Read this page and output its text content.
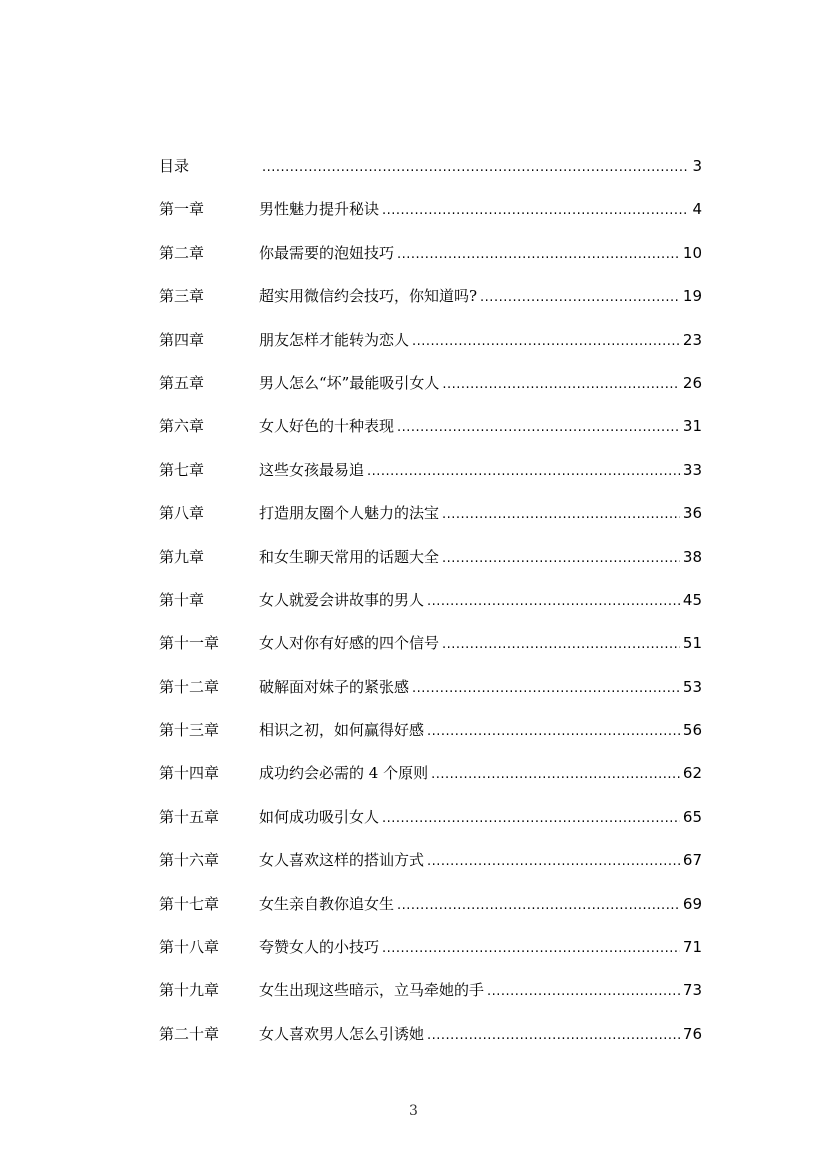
目录 .....	3
第一章	男性魅力提升秘诀 .....	4
第二章	你最需要的泡妞技巧 .....	10
第三章	超实用微信约会技巧，你知道吗? .....	19
第四章	朋友怎样才能转为恋人 .....	23
第五章	男人怎么“坏”最能吸引女人 .....	26
第六章	女人好色的十种表现 .....	31
第七章	这些女孩最易追 .....	33
第八章	打造朋友圈个人魅力的法宝 .....	36
第九章	和女生聊天常用的话题大全 .....	38
第十章	女人就爱会讲故事的男人 .....	45
第十一章	女人对你有好感的四个信号 .....	51
第十二章	破解面对妹子的紧张感 .....	53
第十三章	相识之初，如何赢得好感 .....	56
第十四章	成功约会必需的 4 个原则 .....	62
第十五章	如何成功吸引女人 .....	65
第十六章	女人喜欢这样的搭讪方式 .....	67
第十七章	女生亲自教你追女生 .....	69
第十八章	夸赞女人的小技巧 .....	71
第十九章	女生出现这些暗示，立马牵她的手 .....	73
第二十章	女人喜欢男人怎么引诱她 .....	76
3
